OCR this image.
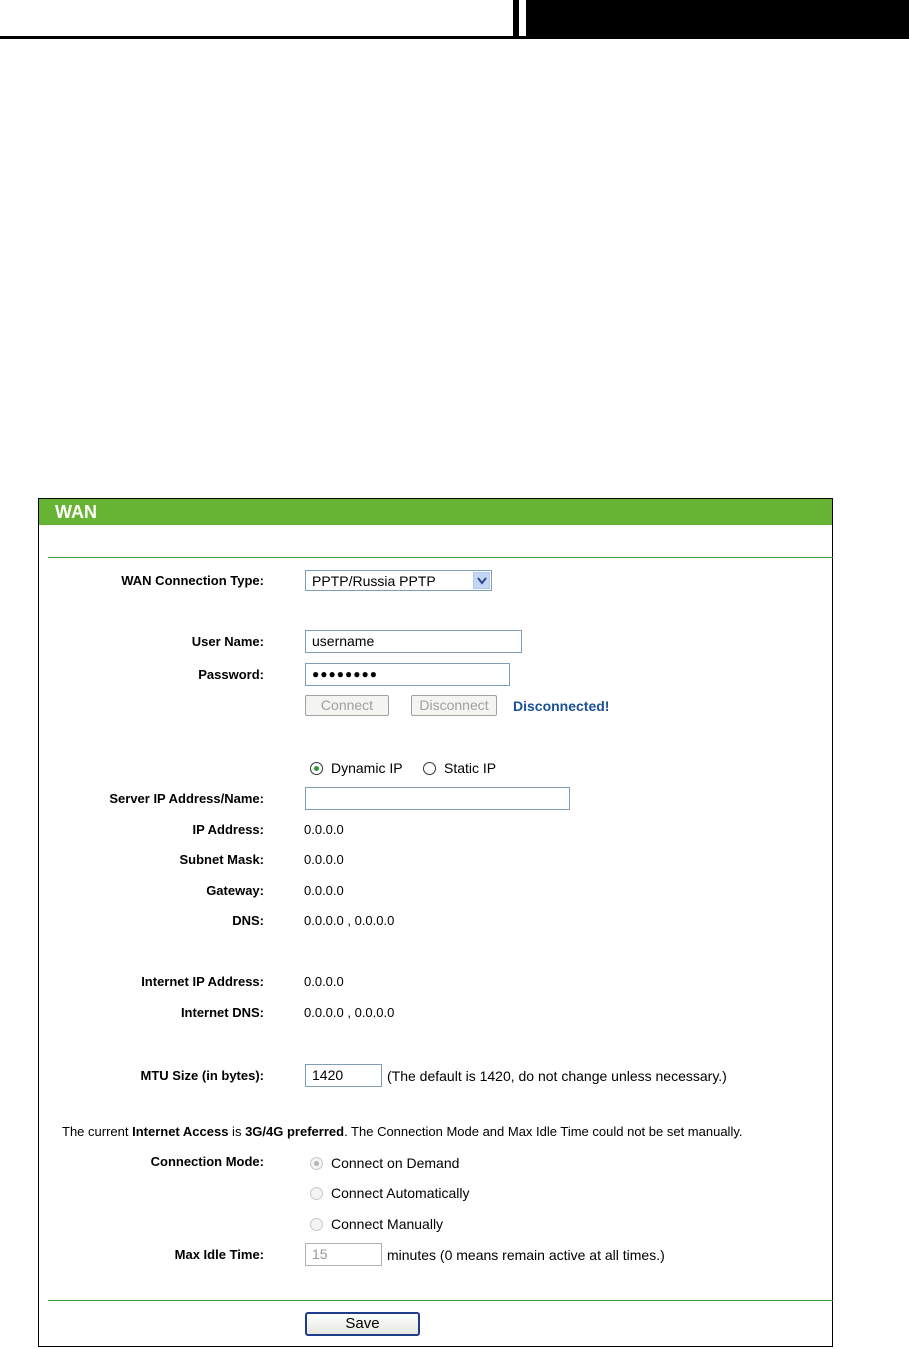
WAN
WAN Connection Type:	PPTP/Russia PPTP
User Name:	username
Password:	●●●●●●●●
Connect	Disconnect	Disconnected!
Dynamic IP	Static IP
Server IP Address/Name:
IP Address:	0.0.0.0
Subnet Mask:	0.0.0.0
Gateway:	0.0.0.0
DNS:	0.0.0.0 , 0.0.0.0
Internet IP Address:	0.0.0.0
Internet DNS:	0.0.0.0 , 0.0.0.0
MTU Size (in bytes):	1420	(The default is 1420, do not change unless necessary.)
The current Internet Access is 3G/4G preferred. The Connection Mode and Max Idle Time could not be set manually.
Connection Mode:	Connect on Demand
Connect Automatically
Connect Manually
Max Idle Time:	15	minutes (0 means remain active at all times.)
Save
